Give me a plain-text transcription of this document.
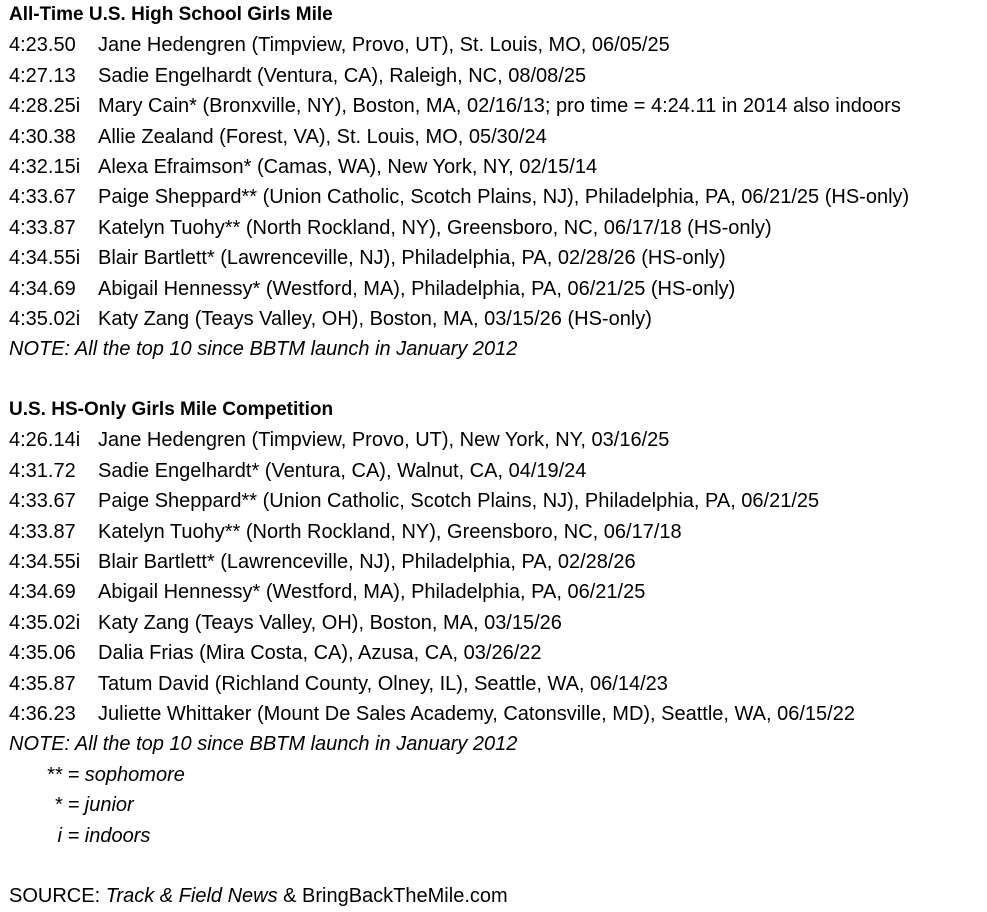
All-Time U.S. High School Girls Mile
4:23.50 Jane Hedengren (Timpview, Provo, UT), St. Louis, MO, 06/05/25
4:27.13 Sadie Engelhardt (Ventura, CA), Raleigh, NC, 08/08/25
4:28.25i Mary Cain* (Bronxville, NY), Boston, MA, 02/16/13; pro time = 4:24.11 in 2014 also indoors
4:30.38 Allie Zealand (Forest, VA), St. Louis, MO, 05/30/24
4:32.15i Alexa Efraimson* (Camas, WA), New York, NY, 02/15/14
4:33.67 Paige Sheppard** (Union Catholic, Scotch Plains, NJ), Philadelphia, PA, 06/21/25 (HS-only)
4:33.87 Katelyn Tuohy** (North Rockland, NY), Greensboro, NC, 06/17/18 (HS-only)
4:34.55i Blair Bartlett* (Lawrenceville, NJ), Philadelphia, PA, 02/28/26 (HS-only)
4:34.69 Abigail Hennessy* (Westford, MA), Philadelphia, PA, 06/21/25 (HS-only)
4:35.02i Katy Zang (Teays Valley, OH), Boston, MA, 03/15/26 (HS-only)
NOTE: All the top 10 since BBTM launch in January 2012
U.S. HS-Only Girls Mile Competition
4:26.14i Jane Hedengren (Timpview, Provo, UT), New York, NY, 03/16/25
4:31.72 Sadie Engelhardt* (Ventura, CA), Walnut, CA, 04/19/24
4:33.67 Paige Sheppard** (Union Catholic, Scotch Plains, NJ), Philadelphia, PA, 06/21/25
4:33.87 Katelyn Tuohy** (North Rockland, NY), Greensboro, NC, 06/17/18
4:34.55i Blair Bartlett* (Lawrenceville, NJ), Philadelphia, PA, 02/28/26
4:34.69 Abigail Hennessy* (Westford, MA), Philadelphia, PA, 06/21/25
4:35.02i Katy Zang (Teays Valley, OH), Boston, MA, 03/15/26
4:35.06 Dalia Frias (Mira Costa, CA), Azusa, CA, 03/26/22
4:35.87 Tatum David (Richland County, Olney, IL), Seattle, WA, 06/14/23
4:36.23 Juliette Whittaker (Mount De Sales Academy, Catonsville, MD), Seattle, WA, 06/15/22
NOTE: All the top 10 since BBTM launch in January 2012
** = sophomore
* = junior
i = indoors
SOURCE: Track & Field News & BringBackTheMile.com
